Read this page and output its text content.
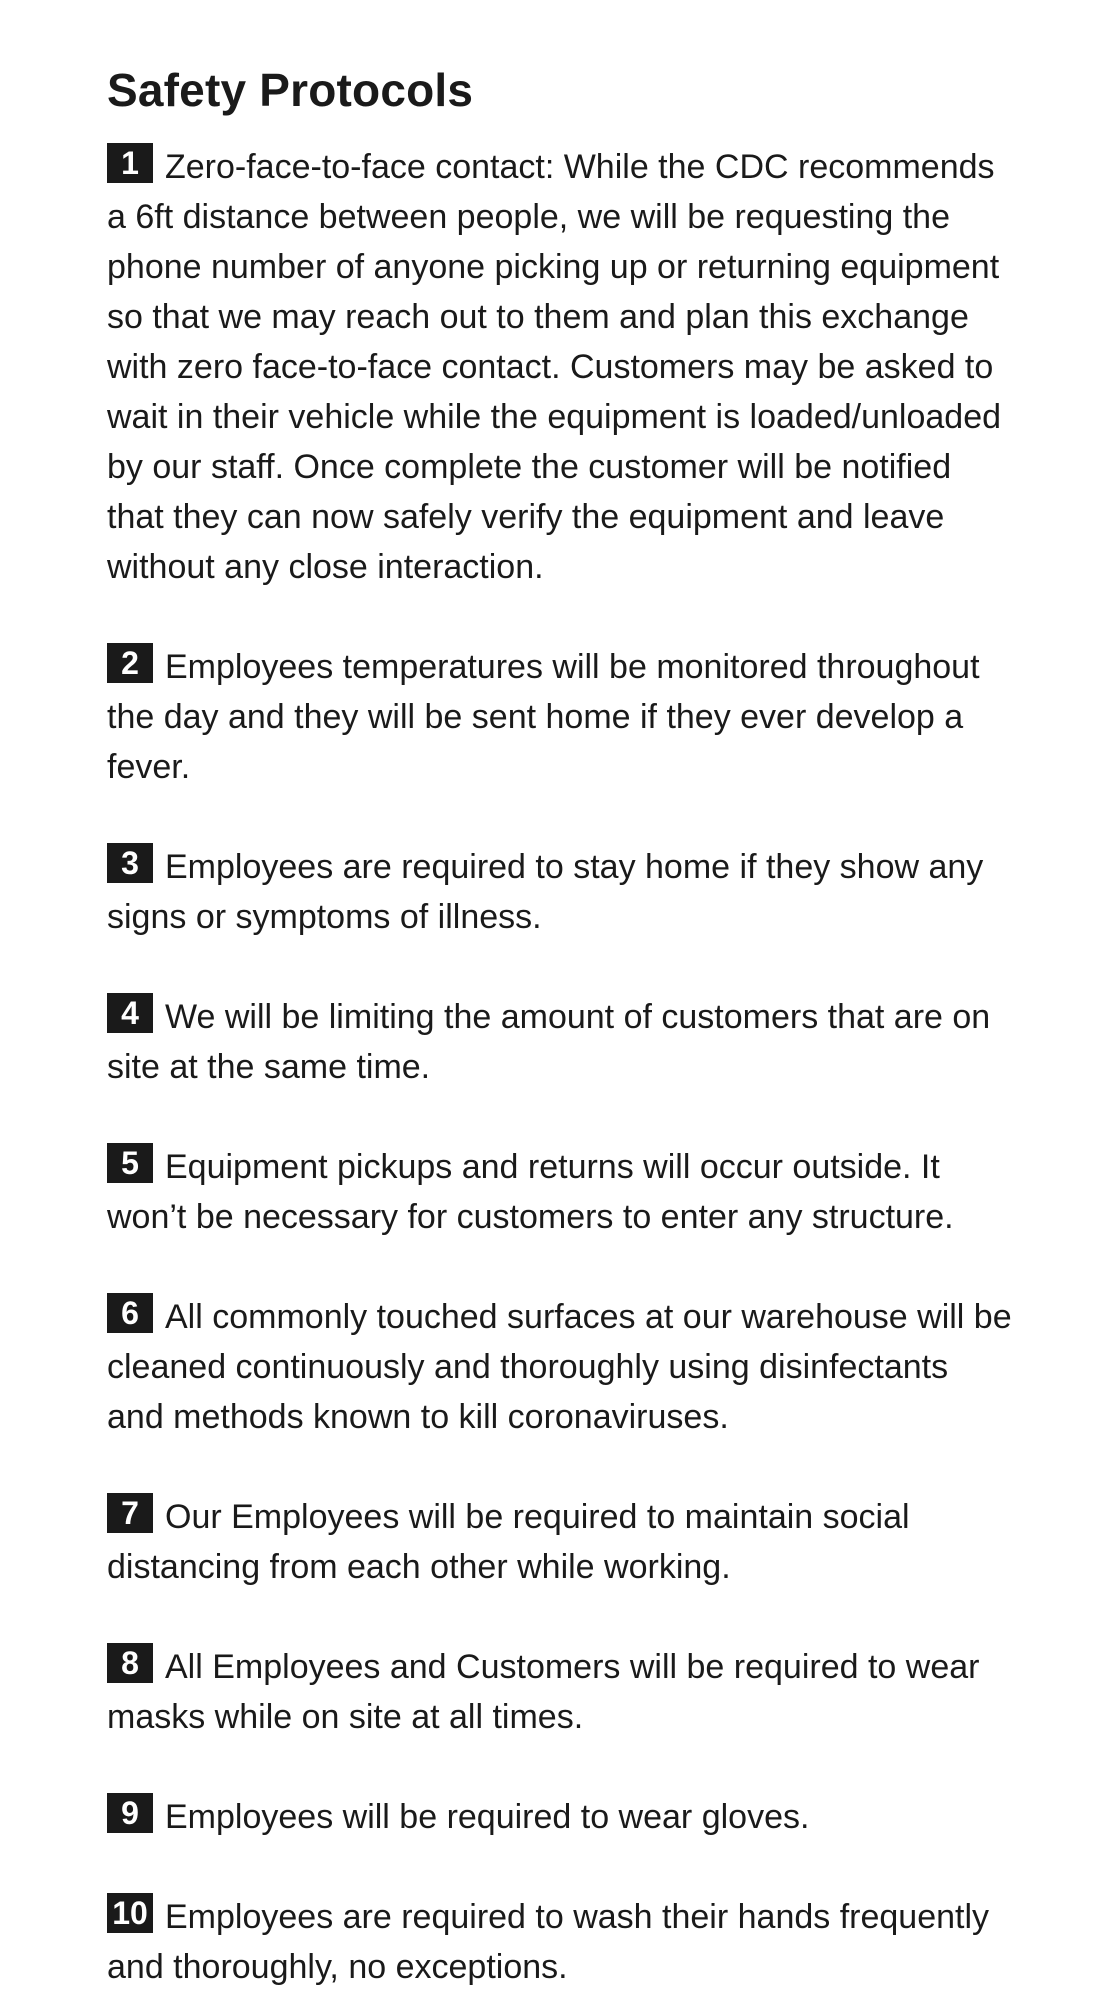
Safety Protocols

1 Zero-face-to-face contact: While the CDC recommends a 6ft distance between people, we will be requesting the phone number of anyone picking up or returning equipment so that we may reach out to them and plan this exchange with zero face-to-face contact. Customers may be asked to wait in their vehicle while the equipment is loaded/unloaded by our staff. Once complete the customer will be notified that they can now safely verify the equipment and leave without any close interaction.

2 Employees temperatures will be monitored throughout the day and they will be sent home if they ever develop a fever.

3 Employees are required to stay home if they show any signs or symptoms of illness.

4 We will be limiting the amount of customers that are on site at the same time.

5 Equipment pickups and returns will occur outside. It won’t be necessary for customers to enter any structure.

6 All commonly touched surfaces at our warehouse will be cleaned continuously and thoroughly using disinfectants and methods known to kill coronaviruses.

7 Our Employees will be required to maintain social distancing from each other while working.

8 All Employees and Customers will be required to wear masks while on site at all times.

9 Employees will be required to wear gloves.

10 Employees are required to wash their hands frequently and thoroughly, no exceptions.
